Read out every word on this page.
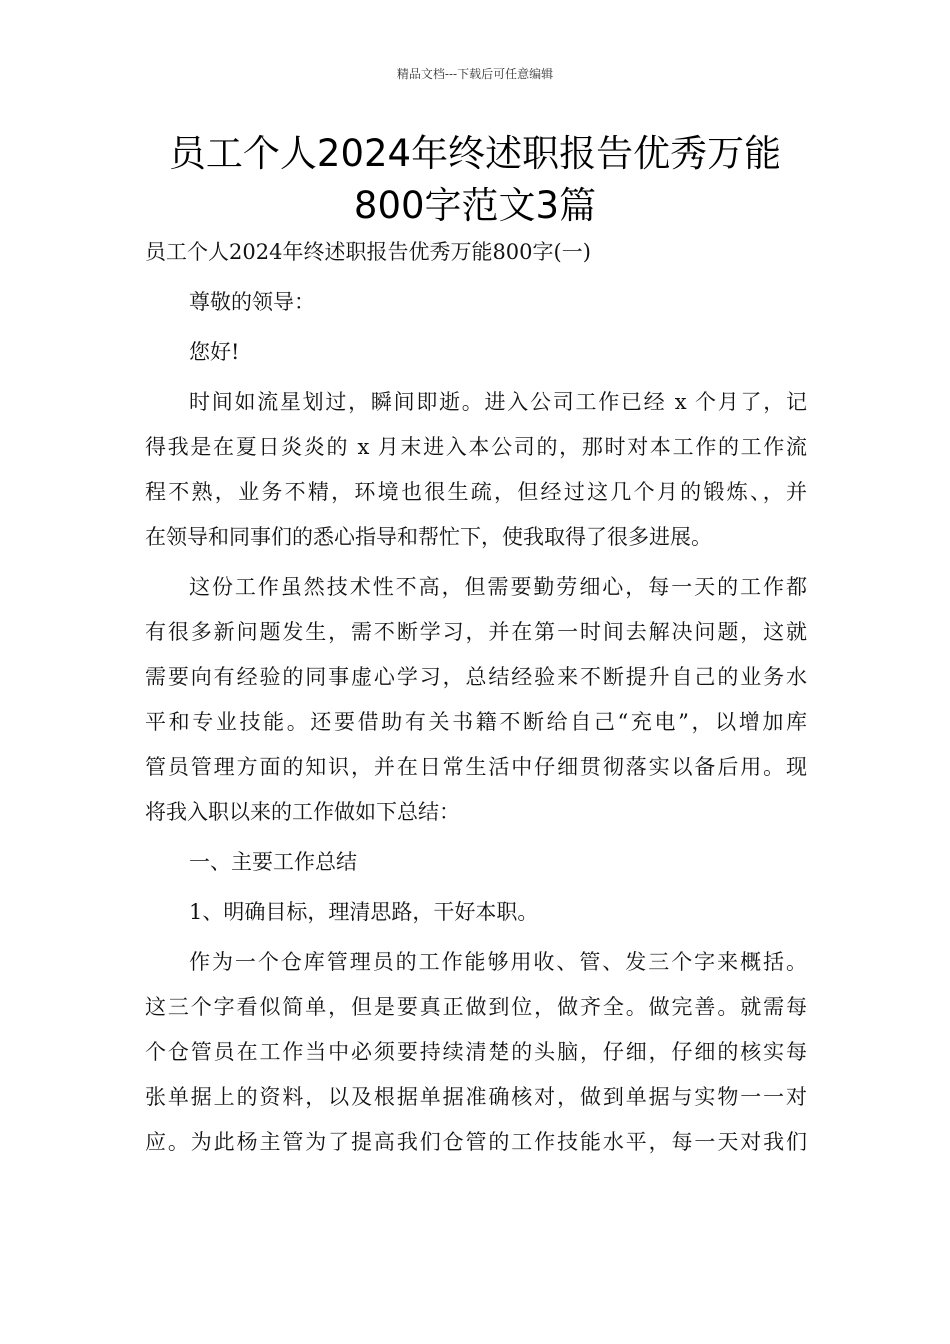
精品文档---下载后可任意编辑
员工个人2024年终述职报告优秀万能
800字范文3篇
员工个人2024年终述职报告优秀万能800字(一)
尊敬的领导：
您好!
时间如流星划过，瞬间即逝。进入公司工作已经 x 个月了，记
得我是在夏日炎炎的 x 月末进入本公司的，那时对本工作的工作流
程不熟，业务不精，环境也很生疏，但经过这几个月的锻炼、，并
在领导和同事们的悉心指导和帮忙下，使我取得了很多进展。
这份工作虽然技术性不高，但需要勤劳细心，每一天的工作都
有很多新问题发生，需不断学习，并在第一时间去解决问题，这就
需要向有经验的同事虚心学习，总结经验来不断提升自己的业务水
平和专业技能。还要借助有关书籍不断给自己“充电”，以增加库
管员管理方面的知识，并在日常生活中仔细贯彻落实以备后用。现
将我入职以来的工作做如下总结：
一、主要工作总结
1、明确目标，理清思路，干好本职。
作为一个仓库管理员的工作能够用收、管、发三个字来概括。
这三个字看似简单，但是要真正做到位，做齐全。做完善。就需每
个仓管员在工作当中必须要持续清楚的头脑，仔细，仔细的核实每
张单据上的资料，以及根据单据准确核对，做到单据与实物一一对
应。为此杨主管为了提高我们仓管的工作技能水平，每一天对我们
